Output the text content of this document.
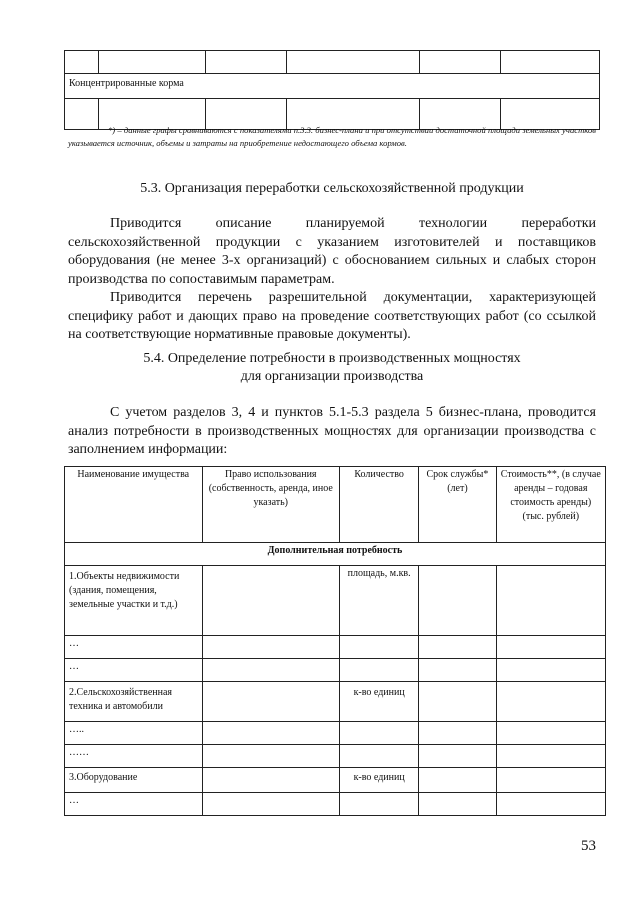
Концентрированные корма					

*) – данные графы сравниваются с показателями п.3.3. бизнес-плана и при отсутствии достаточной площади земельных участков указывается источник, объемы и затраты на приобретение недостающего объема кормов.
5.3. Организация переработки сельскохозяйственной продукции
Приводится описание планируемой технологии переработки сельскохозяйственной продукции с указанием изготовителей и поставщиков оборудования (не менее 3-х организаций) с обоснованием сильных и слабых сторон производства по сопоставимым параметрам.
Приводится перечень разрешительной документации, характеризующей специфику работ и дающих право на проведение соответствующих работ (со ссылкой на соответствующие нормативные правовые документы).
5.4. Определение потребности в производственных мощностях
для организации производства
С учетом разделов 3, 4 и пунктов 5.1-5.3 раздела 5 бизнес-плана, проводится анализ потребности в производственных мощностях для организации производства с заполнением информации:
Наименование имущества	Право использования (собственность, аренда, иное указать)	Количество	Срок службы* (лет)	Стоимость**, (в случае аренды – годовая стоимость аренды) (тыс. рублей)
Дополнительная потребность				
1.Объекты недвижимости (здания, помещения, земельные участки и т.д.)		площадь, м.кв.		
…				
…				
2.Сельскохозяйственная техника и автомобили		к-во единиц		
…..				
……				
3.Оборудование		к-во единиц		
…				
53
